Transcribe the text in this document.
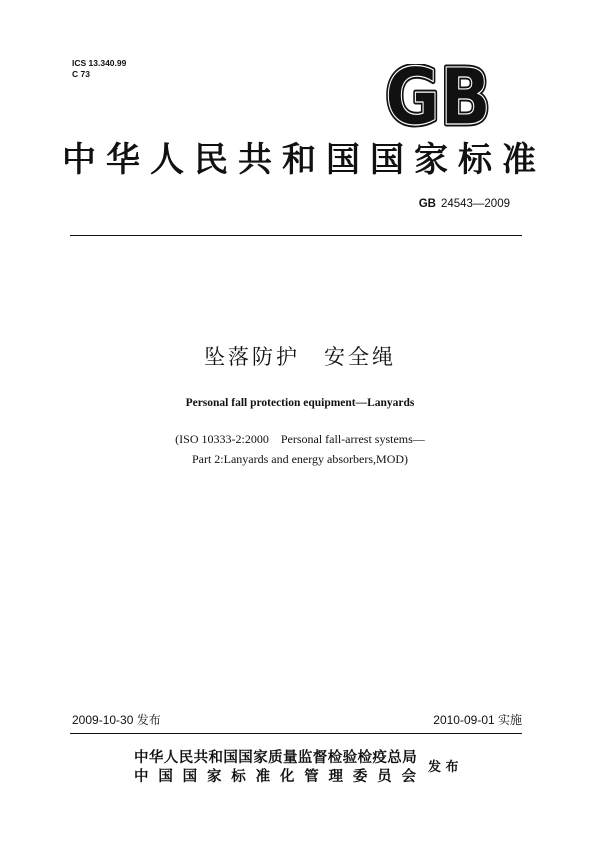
ICS 13.340.99
C 73	GB
GB
中华人民共和国国家标准
GB 24543—2009
坠落防护　安全绳
Personal fall protection equipment—Lanyards
(ISO 10333-2:2000　Personal fall-arrest systems—
Part 2:Lanyards and energy absorbers,MOD)
2009-10-30 发布	2010-09-01 实施
中华人民共和国国家质量监督检验检疫总局
中 国 国 家 标 准 化 管 理 委 员 会
发 布
